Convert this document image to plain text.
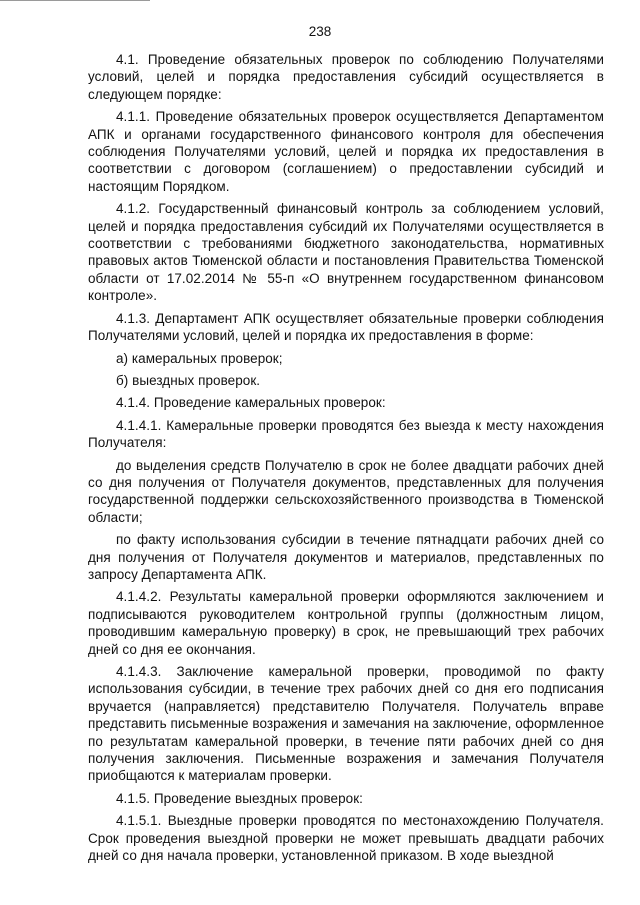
238

4.1. Проведение обязательных проверок по соблюдению Получателями условий, целей и порядка предоставления субсидий осуществляется в следующем порядке:

4.1.1. Проведение обязательных проверок осуществляется Департаментом АПК и органами государственного финансового контроля для обеспечения соблюдения Получателями условий, целей и порядка их предоставления в соответствии с договором (соглашением) о предоставлении субсидий и настоящим Порядком.

4.1.2. Государственный финансовый контроль за соблюдением условий, целей и порядка предоставления субсидий их Получателями осуществляется в соответствии с требованиями бюджетного законодательства, нормативных правовых актов Тюменской области и постановления Правительства Тюменской области от 17.02.2014 № 55-п «О внутреннем государственном финансовом контроле».

4.1.3. Департамент АПК осуществляет обязательные проверки соблюдения Получателями условий, целей и порядка их предоставления в форме:

а) камеральных проверок;

б) выездных проверок.

4.1.4. Проведение камеральных проверок:

4.1.4.1. Камеральные проверки проводятся без выезда к месту нахождения Получателя:

до выделения средств Получателю в срок не более двадцати рабочих дней со дня получения от Получателя документов, представленных для получения государственной поддержки сельскохозяйственного производства в Тюменской области;

по факту использования субсидии в течение пятнадцати рабочих дней со дня получения от Получателя документов и материалов, представленных по запросу Департамента АПК.

4.1.4.2. Результаты камеральной проверки оформляются заключением и подписываются руководителем контрольной группы (должностным лицом, проводившим камеральную проверку) в срок, не превышающий трех рабочих дней со дня ее окончания.

4.1.4.3. Заключение камеральной проверки, проводимой по факту использования субсидии, в течение трех рабочих дней со дня его подписания вручается (направляется) представителю Получателя. Получатель вправе представить письменные возражения и замечания на заключение, оформленное по результатам камеральной проверки, в течение пяти рабочих дней со дня получения заключения. Письменные возражения и замечания Получателя приобщаются к материалам проверки.

4.1.5. Проведение выездных проверок:

4.1.5.1. Выездные проверки проводятся по местонахождению Получателя. Срок проведения выездной проверки не может превышать двадцати рабочих дней со дня начала проверки, установленной приказом. В ходе выездной
